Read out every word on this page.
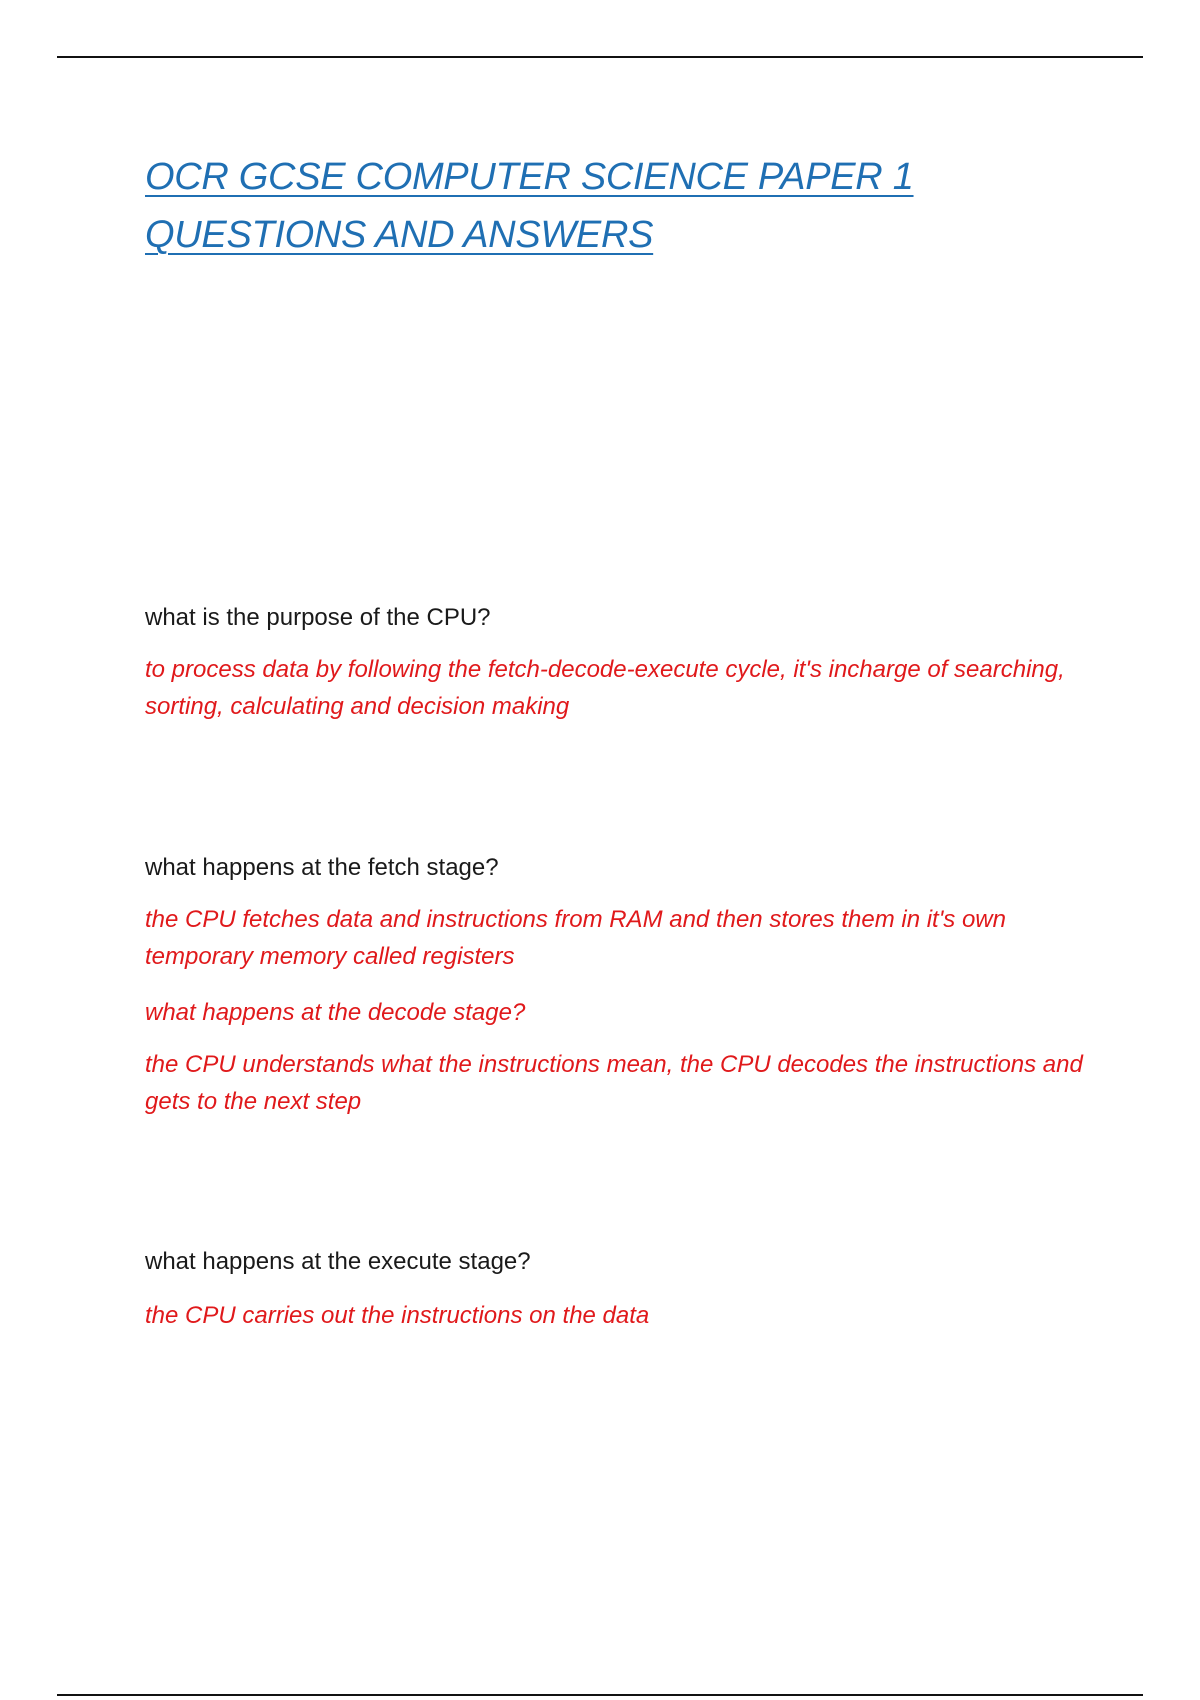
OCR GCSE COMPUTER SCIENCE PAPER 1 QUESTIONS AND ANSWERS

what is the purpose of the CPU?

to process data by following the fetch-decode-execute cycle, it's incharge of searching, sorting, calculating and decision making

what happens at the fetch stage?

the CPU fetches data and instructions from RAM and then stores them in it's own temporary memory called registers

what happens at the decode stage?

the CPU understands what the instructions mean, the CPU decodes the instructions and gets to the next step

what happens at the execute stage?

the CPU carries out the instructions on the data
